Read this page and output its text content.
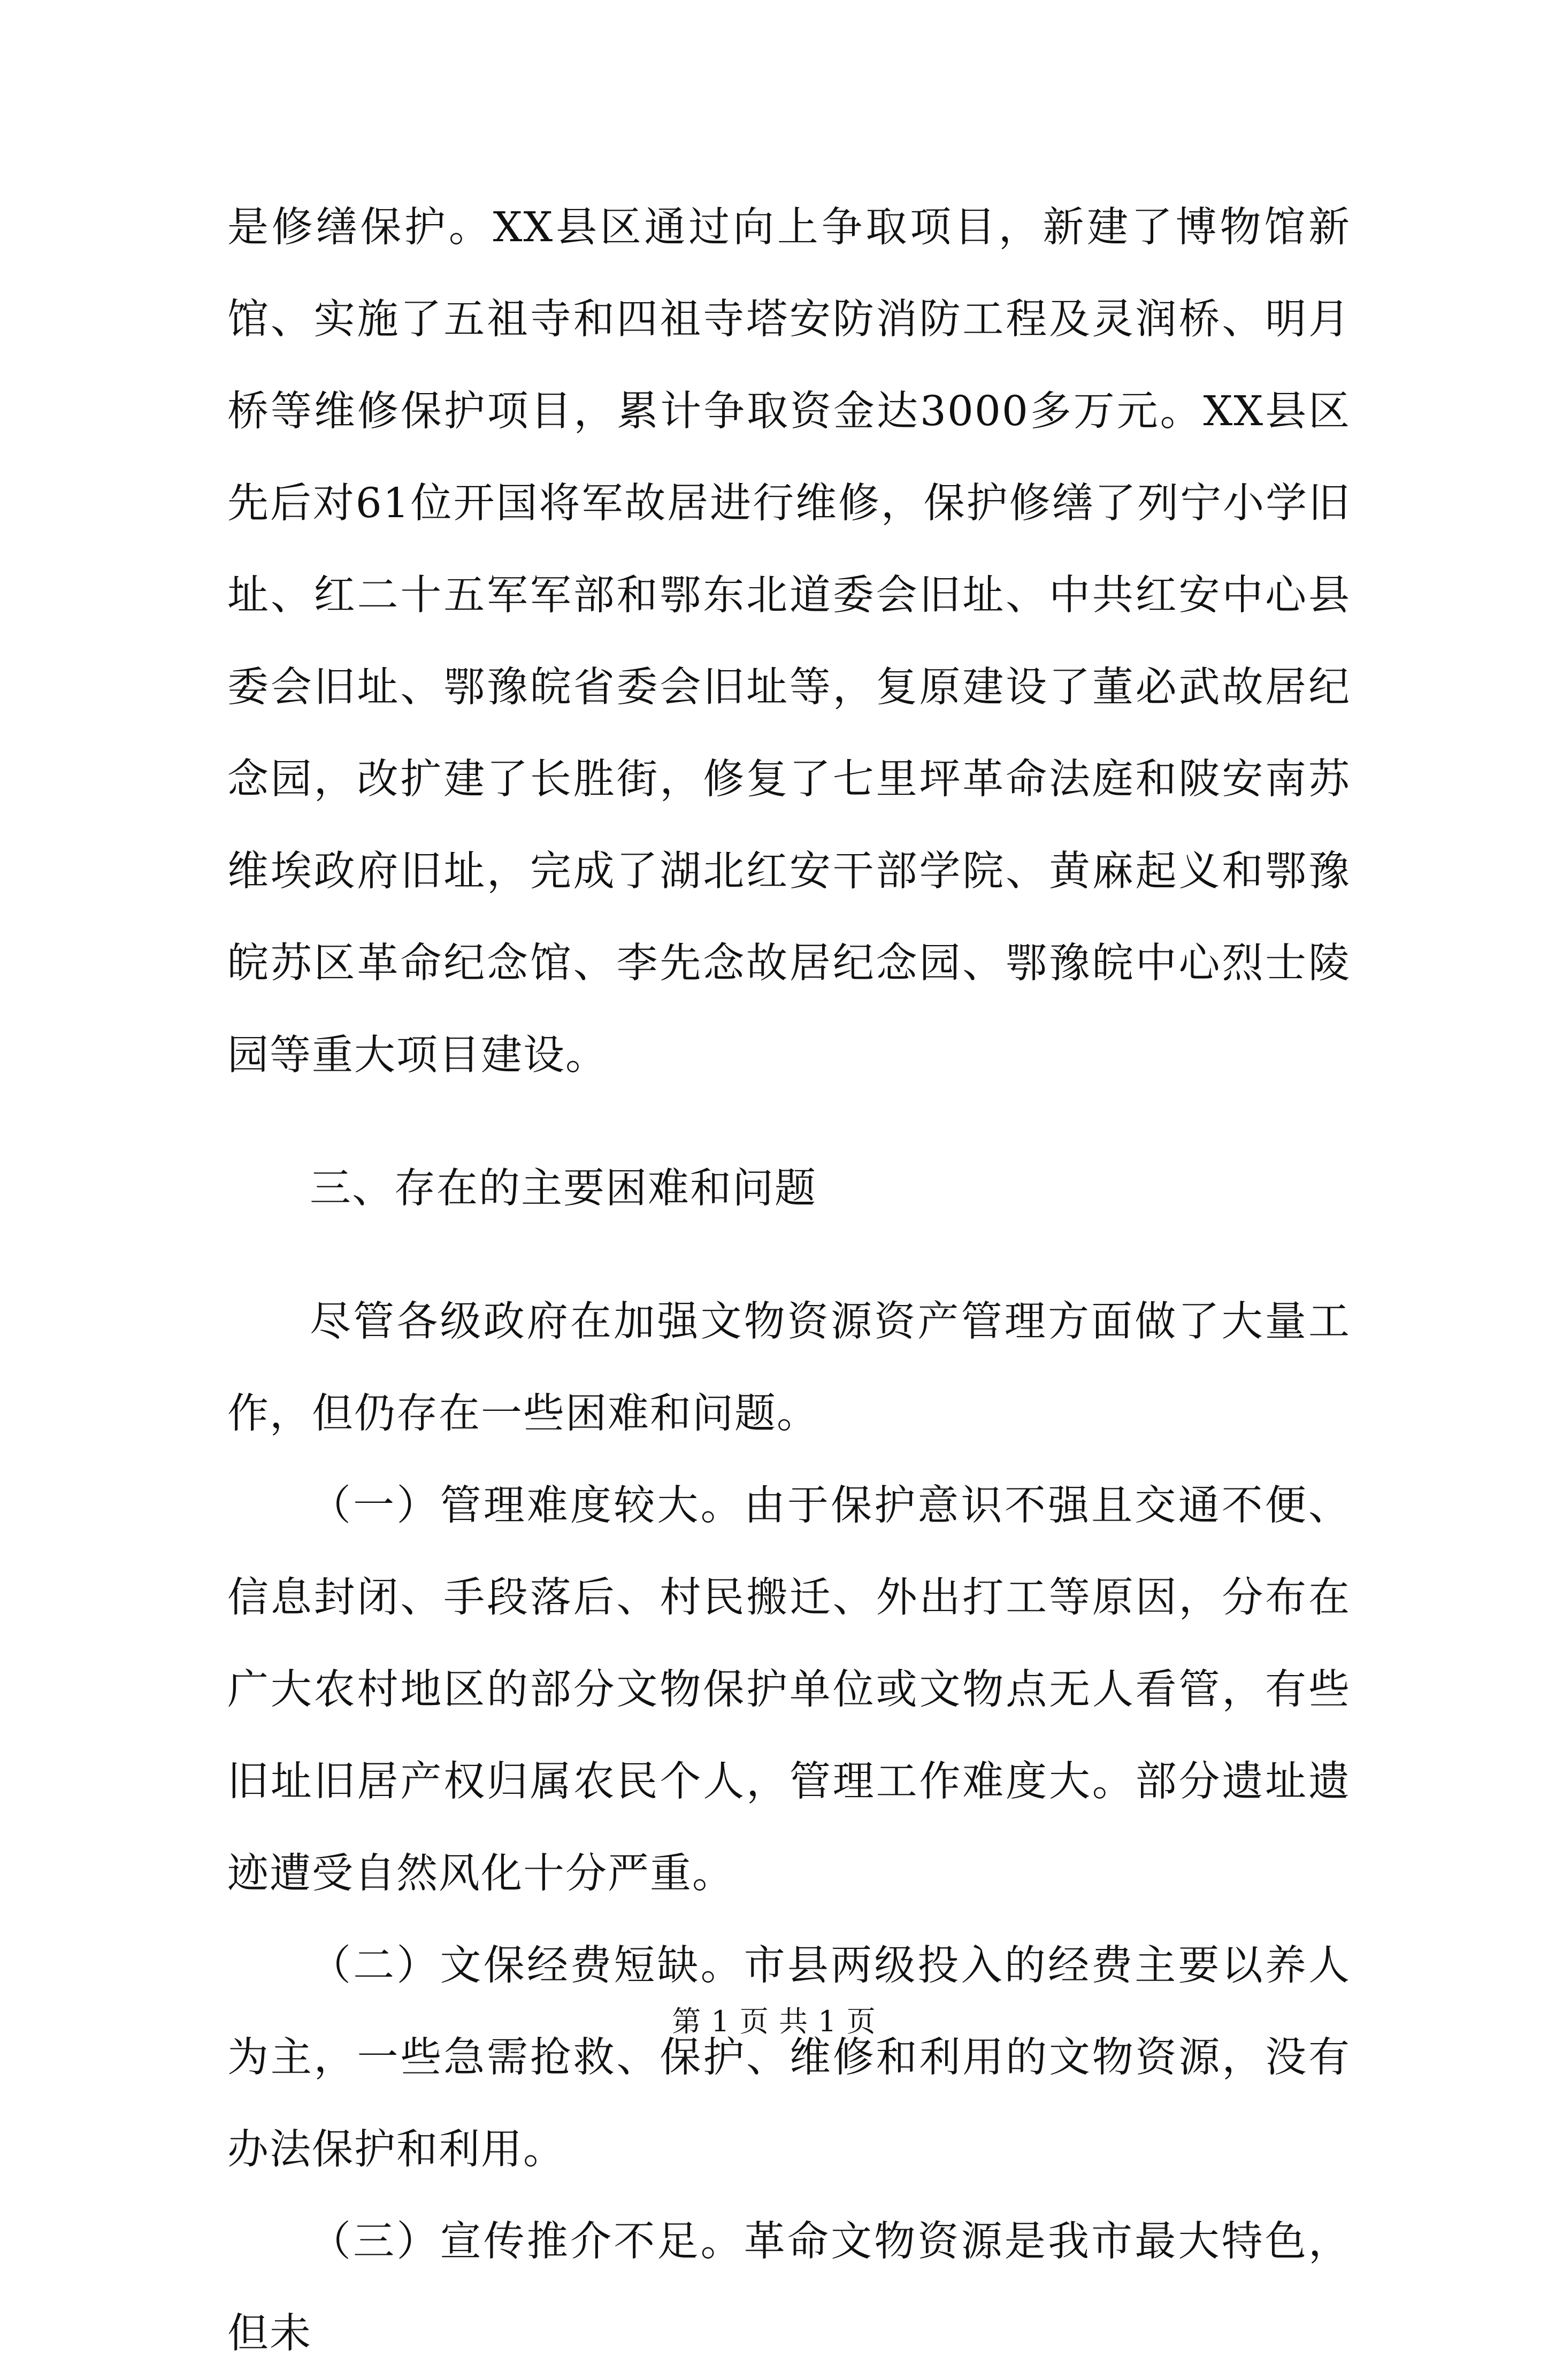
是修缮保护。XX县区通过向上争取项目，新建了博物馆新馆、实施了五祖寺和四祖寺塔安防消防工程及灵润桥、明月桥等维修保护项目，累计争取资金达3000多万元。XX县区先后对61位开国将军故居进行维修，保护修缮了列宁小学旧址、红二十五军军部和鄂东北道委会旧址、中共红安中心县委会旧址、鄂豫皖省委会旧址等，复原建设了董必武故居纪念园，改扩建了长胜街，修复了七里坪革命法庭和陂安南苏维埃政府旧址，完成了湖北红安干部学院、黄麻起义和鄂豫皖苏区革命纪念馆、李先念故居纪念园、鄂豫皖中心烈士陵园等重大项目建设。

三、存在的主要困难和问题

尽管各级政府在加强文物资源资产管理方面做了大量工作，但仍存在一些困难和问题。

（一）管理难度较大。由于保护意识不强且交通不便、信息封闭、手段落后、村民搬迁、外出打工等原因，分布在广大农村地区的部分文物保护单位或文物点无人看管，有些旧址旧居产权归属农民个人，管理工作难度大。部分遗址遗迹遭受自然风化十分严重。

（二）文保经费短缺。市县两级投入的经费主要以养人为主，一些急需抢救、保护、维修和利用的文物资源，没有办法保护和利用。

（三）宣传推介不足。革命文物资源是我市最大特色，但未

第 1 页 共 1 页
